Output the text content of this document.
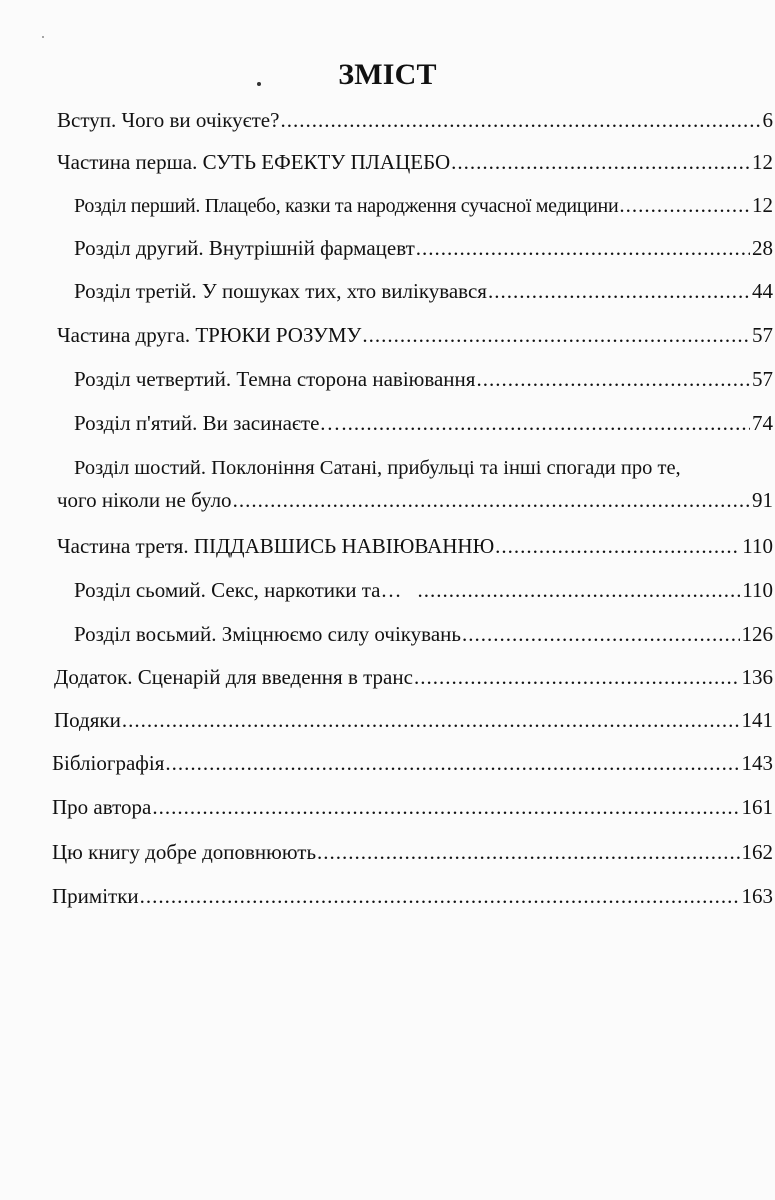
ЗМІСТ
Вступ. Чого ви очікуєте? .....	6
Частина перша. СУТЬ ЕФЕКТУ ПЛАЦЕБО .....	12
Розділ перший. Плацебо, казки та народження сучасної медицини .....	12
Розділ другий. Внутрішній фармацевт .....	28
Розділ третій. У пошуках тих, хто вилікувався .....	44
Частина друга. ТРЮКИ РОЗУМУ .....	57
Розділ четвертий. Темна сторона навіювання .....	57
Розділ п'ятий. Ви засинаєте… .....	74
Розділ шостий. Поклоніння Сатані, прибульці та інші спогади про те,
чого ніколи не було .....	91
Частина третя. ПІДДАВШИСЬ НАВІЮВАННЮ .....	110
Розділ сьомий. Секс, наркотики та… .....	110
Розділ восьмий. Зміцнюємо силу очікувань .....	126
Додаток. Сценарій для введення в транс .....	136
Подяки .....	141
Бібліографія .....	143
Про автора .....	161
Цю книгу добре доповнюють .....	162
Примітки .....	163
